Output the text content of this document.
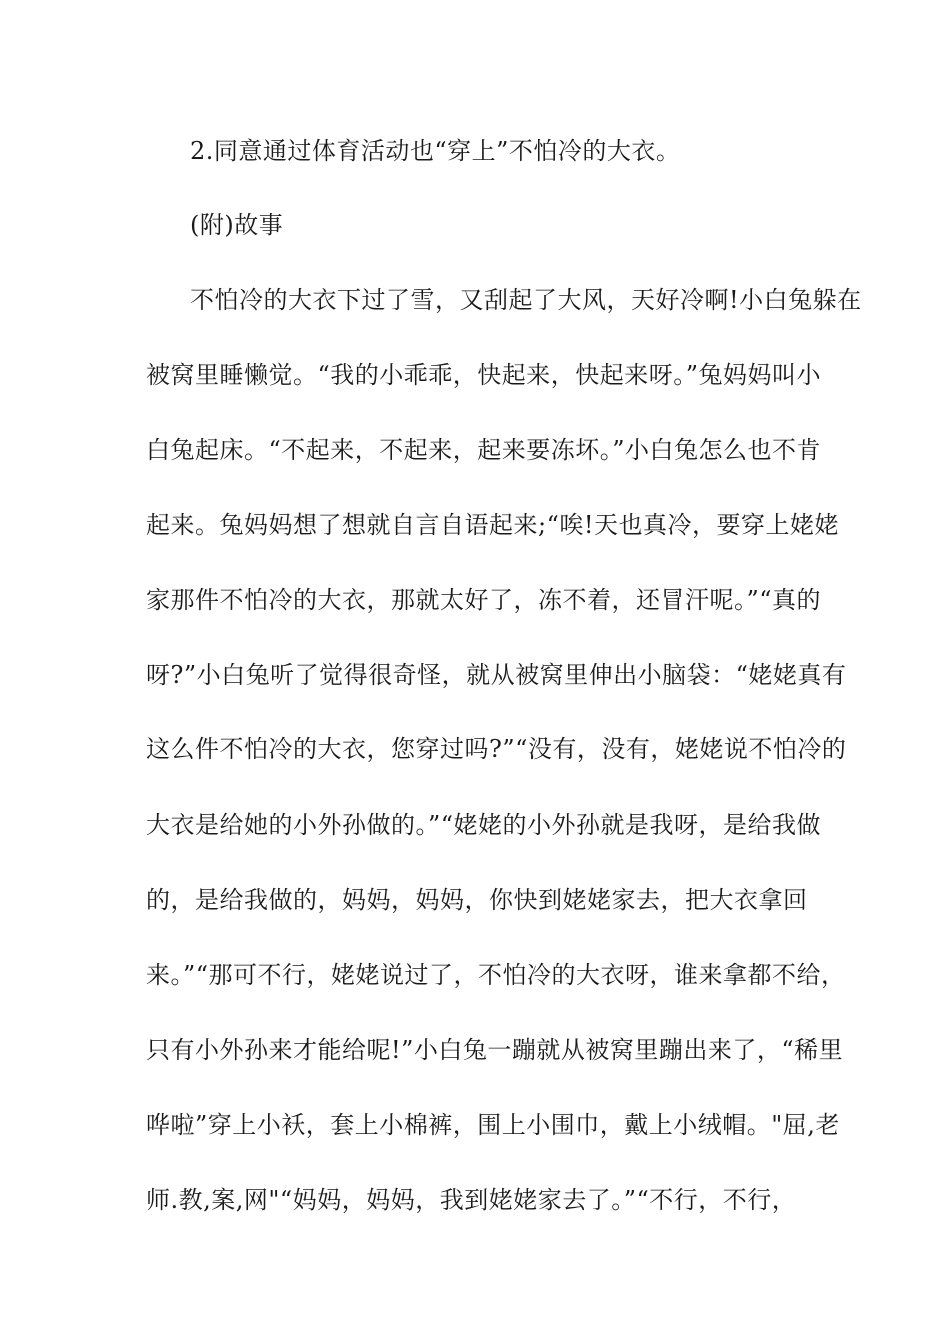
2.同意通过体育活动也“穿上”不怕冷的大衣。
(附)故事
不怕冷的大衣下过了雪，又刮起了大风，天好冷啊!小白兔躲在
被窝里睡懒觉。“我的小乖乖，快起来，快起来呀。”兔妈妈叫小
白兔起床。“不起来，不起来，起来要冻坏。”小白兔怎么也不肯
起来。兔妈妈想了想就自言自语起来;“唉!天也真冷，要穿上姥姥
家那件不怕冷的大衣，那就太好了，冻不着，还冒汗呢。”“真的
呀?”小白兔听了觉得很奇怪，就从被窝里伸出小脑袋：“姥姥真有
这么件不怕冷的大衣，您穿过吗?”“没有，没有，姥姥说不怕冷的
大衣是给她的小外孙做的。”“姥姥的小外孙就是我呀，是给我做
的，是给我做的，妈妈，妈妈，你快到姥姥家去，把大衣拿回
来。”“那可不行，姥姥说过了，不怕冷的大衣呀，谁来拿都不给，
只有小外孙来才能给呢!”小白兔一蹦就从被窝里蹦出来了，“稀里
哗啦”穿上小袄，套上小棉裤，围上小围巾，戴上小绒帽。"屈,老
师.教,案,网"“妈妈，妈妈，我到姥姥家去了。”“不行，不行，
